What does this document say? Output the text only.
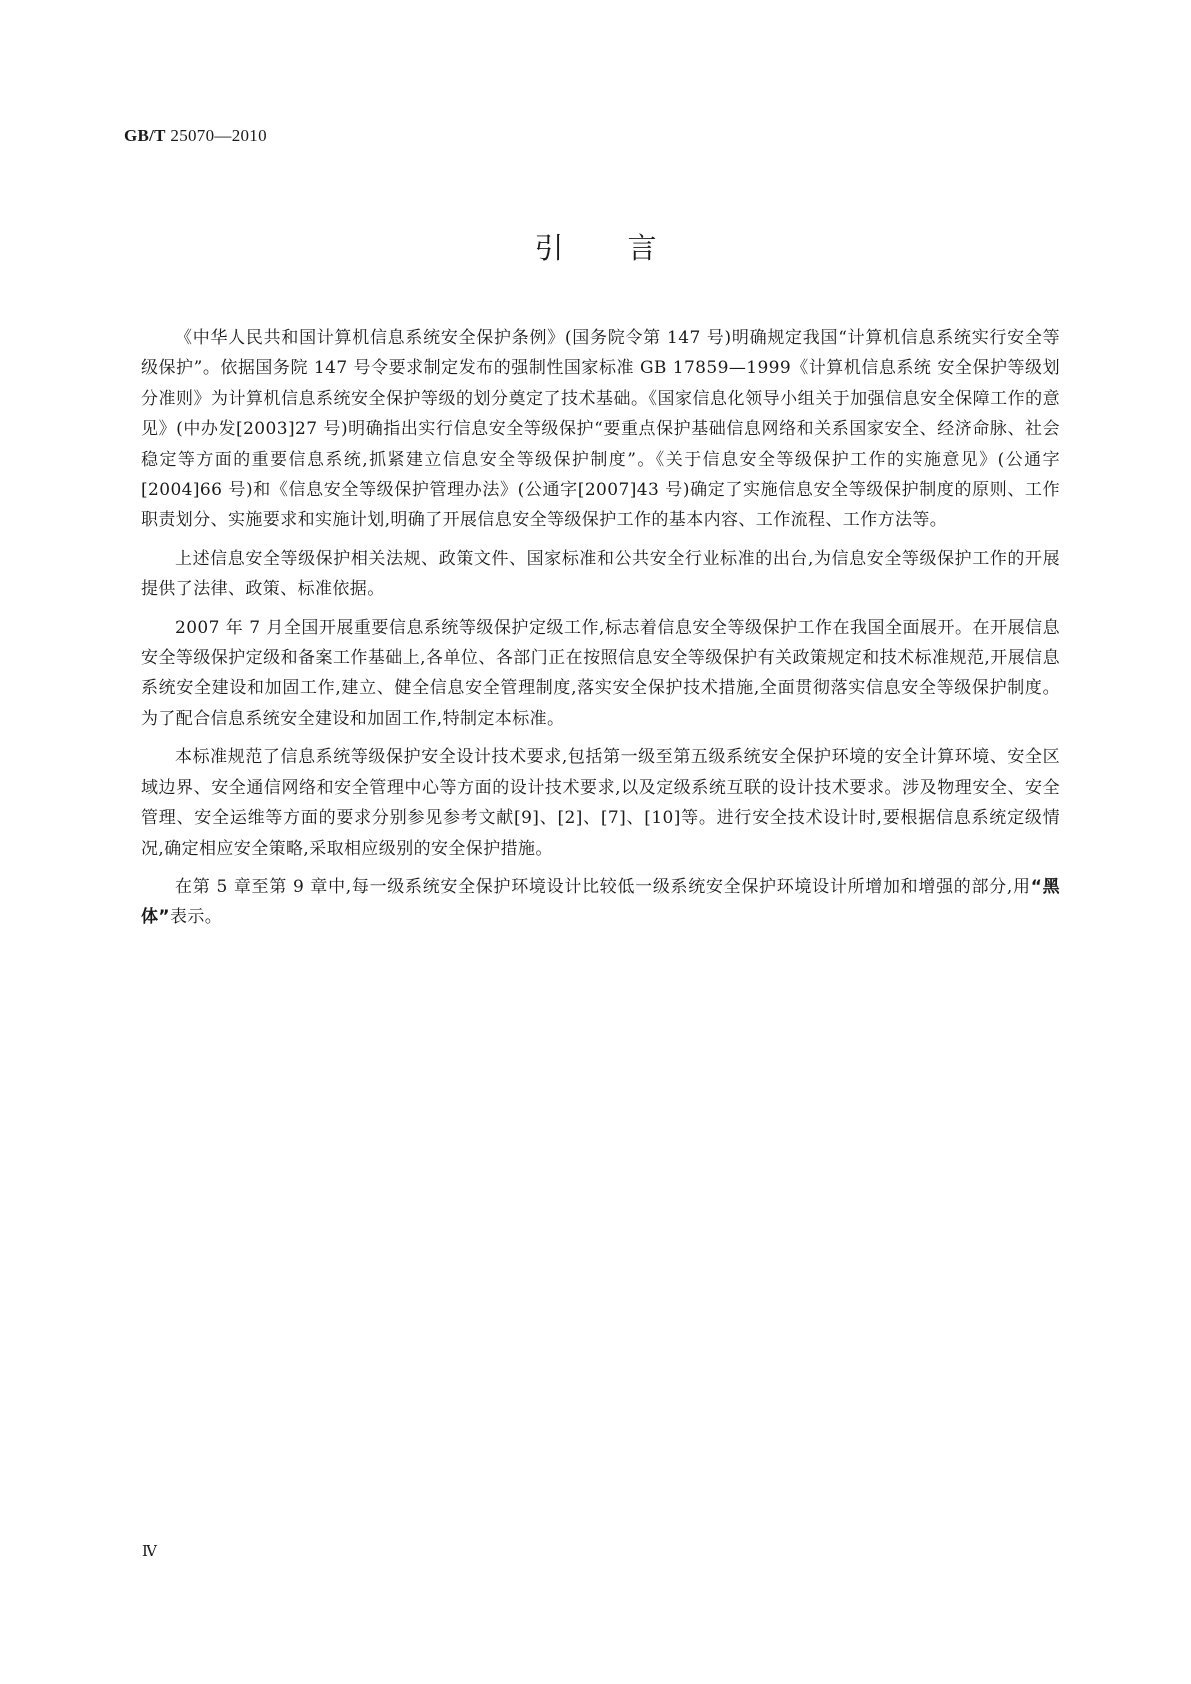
GB/T 25070—2010
引言

《中华人民共和国计算机信息系统安全保护条例》(国务院令第 147 号)明确规定我国“计算机信息系统实行安全等级保护”。依据国务院 147 号令要求制定发布的强制性国家标准 GB 17859—1999《计算机信息系统 安全保护等级划分准则》为计算机信息系统安全保护等级的划分奠定了技术基础。《国家信息化领导小组关于加强信息安全保障工作的意见》(中办发[2003]27 号)明确指出实行信息安全等级保护“要重点保护基础信息网络和关系国家安全、经济命脉、社会稳定等方面的重要信息系统,抓紧建立信息安全等级保护制度”。《关于信息安全等级保护工作的实施意见》(公通字[2004]66 号)和《信息安全等级保护管理办法》(公通字[2007]43 号)确定了实施信息安全等级保护制度的原则、工作职责划分、实施要求和实施计划,明确了开展信息安全等级保护工作的基本内容、工作流程、工作方法等。

上述信息安全等级保护相关法规、政策文件、国家标准和公共安全行业标准的出台,为信息安全等级保护工作的开展提供了法律、政策、标准依据。

2007 年 7 月全国开展重要信息系统等级保护定级工作,标志着信息安全等级保护工作在我国全面展开。在开展信息安全等级保护定级和备案工作基础上,各单位、各部门正在按照信息安全等级保护有关政策规定和技术标准规范,开展信息系统安全建设和加固工作,建立、健全信息安全管理制度,落实安全保护技术措施,全面贯彻落实信息安全等级保护制度。为了配合信息系统安全建设和加固工作,特制定本标准。

本标准规范了信息系统等级保护安全设计技术要求,包括第一级至第五级系统安全保护环境的安全计算环境、安全区域边界、安全通信网络和安全管理中心等方面的设计技术要求,以及定级系统互联的设计技术要求。涉及物理安全、安全管理、安全运维等方面的要求分别参见参考文献[9]、[2]、[7]、[10]等。进行安全技术设计时,要根据信息系统定级情况,确定相应安全策略,采取相应级别的安全保护措施。

在第 5 章至第 9 章中,每一级系统安全保护环境设计比较低一级系统安全保护环境设计所增加和增强的部分,用“黑体”表示。

Ⅳ
